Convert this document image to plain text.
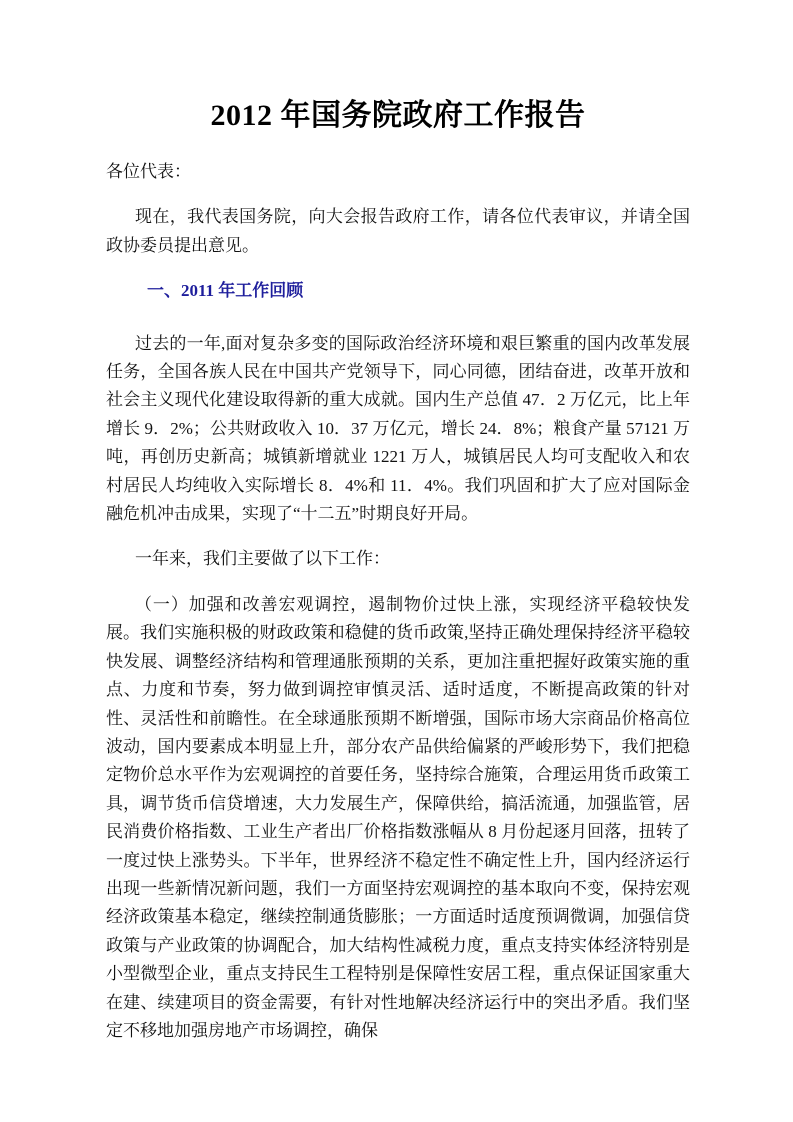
2012 年国务院政府工作报告

各位代表：

现在，我代表国务院，向大会报告政府工作，请各位代表审议，并请全国政协委员提出意见。

一、2011 年工作回顾

过去的一年,面对复杂多变的国际政治经济环境和艰巨繁重的国内改革发展任务，全国各族人民在中国共产党领导下，同心同德，团结奋进，改革开放和社会主义现代化建设取得新的重大成就。国内生产总值 47．2 万亿元，比上年增长 9．2%；公共财政收入 10．37 万亿元，增长 24．8%；粮食产量 57121 万吨，再创历史新高；城镇新增就业 1221 万人，城镇居民人均可支配收入和农村居民人均纯收入实际增长 8．4%和 11．4%。我们巩固和扩大了应对国际金融危机冲击成果，实现了“十二五”时期良好开局。

一年来，我们主要做了以下工作：

（一）加强和改善宏观调控，遏制物价过快上涨，实现经济平稳较快发展。我们实施积极的财政政策和稳健的货币政策,坚持正确处理保持经济平稳较快发展、调整经济结构和管理通胀预期的关系，更加注重把握好政策实施的重点、力度和节奏，努力做到调控审慎灵活、适时适度，不断提高政策的针对性、灵活性和前瞻性。在全球通胀预期不断增强，国际市场大宗商品价格高位波动，国内要素成本明显上升，部分农产品供给偏紧的严峻形势下，我们把稳定物价总水平作为宏观调控的首要任务，坚持综合施策，合理运用货币政策工具，调节货币信贷增速，大力发展生产，保障供给，搞活流通，加强监管，居民消费价格指数、工业生产者出厂价格指数涨幅从 8 月份起逐月回落，扭转了一度过快上涨势头。下半年，世界经济不稳定性不确定性上升，国内经济运行出现一些新情况新问题，我们一方面坚持宏观调控的基本取向不变，保持宏观经济政策基本稳定，继续控制通货膨胀；一方面适时适度预调微调，加强信贷政策与产业政策的协调配合，加大结构性减税力度，重点支持实体经济特别是小型微型企业，重点支持民生工程特别是保障性安居工程，重点保证国家重大在建、续建项目的资金需要，有针对性地解决经济运行中的突出矛盾。我们坚定不移地加强房地产市场调控，确保
